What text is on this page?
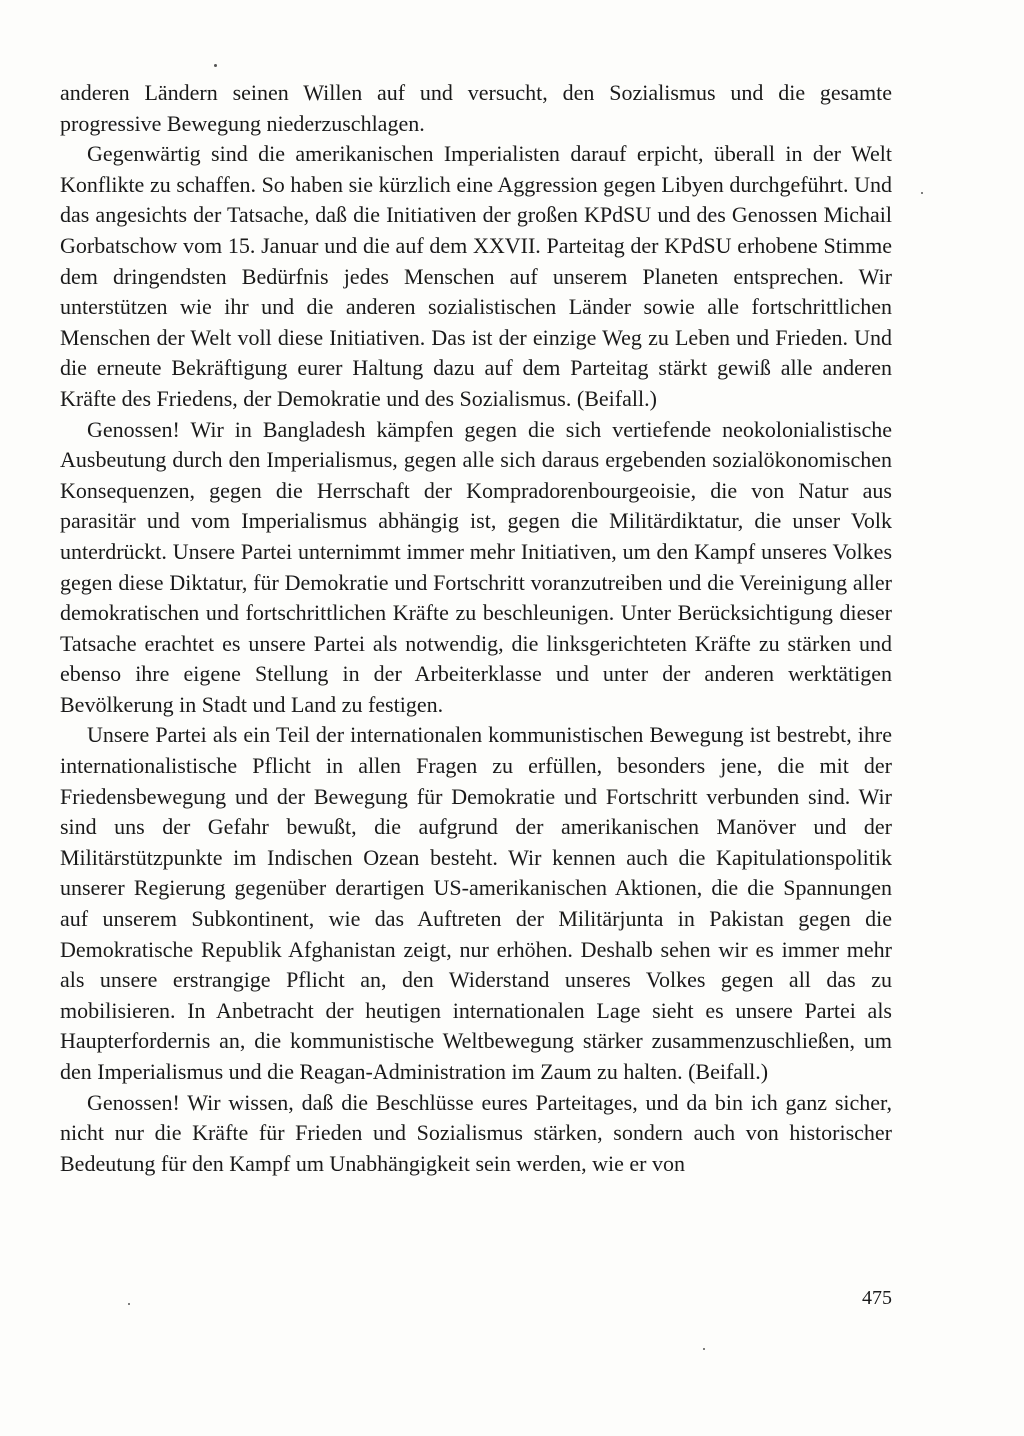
anderen Ländern seinen Willen auf und versucht, den Sozialismus und die gesamte progressive Bewegung niederzuschlagen.

Gegenwärtig sind die amerikanischen Imperialisten darauf erpicht, überall in der Welt Konflikte zu schaffen. So haben sie kürzlich eine Aggression gegen Libyen durchgeführt. Und das angesichts der Tatsache, daß die Initiativen der großen KPdSU und des Genossen Michail Gorbatschow vom 15. Januar und die auf dem XXVII. Parteitag der KPdSU erhobene Stimme dem dringendsten Bedürfnis jedes Menschen auf unserem Planeten entsprechen. Wir unterstützen wie ihr und die anderen sozialistischen Länder sowie alle fortschrittlichen Menschen der Welt voll diese Initiativen. Das ist der einzige Weg zu Leben und Frieden. Und die erneute Bekräftigung eurer Haltung dazu auf dem Parteitag stärkt gewiß alle anderen Kräfte des Friedens, der Demokratie und des Sozialismus. (Beifall.)

Genossen! Wir in Bangladesh kämpfen gegen die sich vertiefende neokolonialistische Ausbeutung durch den Imperialismus, gegen alle sich daraus ergebenden sozialökonomischen Konsequenzen, gegen die Herrschaft der Kompradorenbourgeoisie, die von Natur aus parasitär und vom Imperialismus abhängig ist, gegen die Militärdiktatur, die unser Volk unterdrückt. Unsere Partei unternimmt immer mehr Initiativen, um den Kampf unseres Volkes gegen diese Diktatur, für Demokratie und Fortschritt voranzutreiben und die Vereinigung aller demokratischen und fortschrittlichen Kräfte zu beschleunigen. Unter Berücksichtigung dieser Tatsache erachtet es unsere Partei als notwendig, die linksgerichteten Kräfte zu stärken und ebenso ihre eigene Stellung in der Arbeiterklasse und unter der anderen werktätigen Bevölkerung in Stadt und Land zu festigen.

Unsere Partei als ein Teil der internationalen kommunistischen Bewegung ist bestrebt, ihre internationalistische Pflicht in allen Fragen zu erfüllen, besonders jene, die mit der Friedensbewegung und der Bewegung für Demokratie und Fortschritt verbunden sind. Wir sind uns der Gefahr bewußt, die aufgrund der amerikanischen Manöver und der Militärstützpunkte im Indischen Ozean besteht. Wir kennen auch die Kapitulationspolitik unserer Regierung gegenüber derartigen US-amerikanischen Aktionen, die die Spannungen auf unserem Subkontinent, wie das Auftreten der Militärjunta in Pakistan gegen die Demokratische Republik Afghanistan zeigt, nur erhöhen. Deshalb sehen wir es immer mehr als unsere erstrangige Pflicht an, den Widerstand unseres Volkes gegen all das zu mobilisieren. In Anbetracht der heutigen internationalen Lage sieht es unsere Partei als Haupterfordernis an, die kommunistische Weltbewegung stärker zusammenzuschließen, um den Imperialismus und die Reagan-Administration im Zaum zu halten. (Beifall.)

Genossen! Wir wissen, daß die Beschlüsse eures Parteitages, und da bin ich ganz sicher, nicht nur die Kräfte für Frieden und Sozialismus stärken, sondern auch von historischer Bedeutung für den Kampf um Unabhängigkeit sein werden, wie er von

475
